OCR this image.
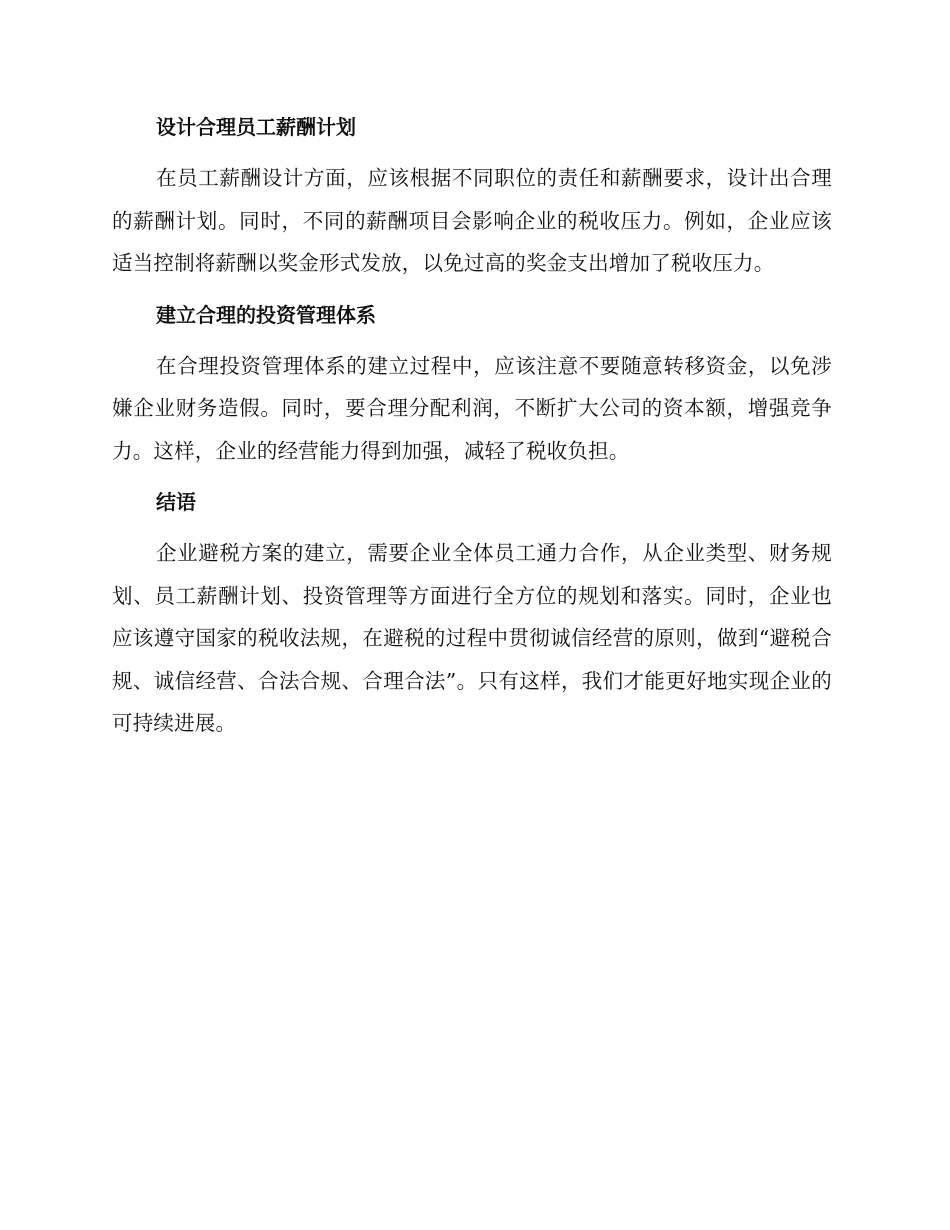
设计合理员工薪酬计划

在员工薪酬设计方面，应该根据不同职位的责任和薪酬要求，设计出合理的薪酬计划。同时，不同的薪酬项目会影响企业的税收压力。例如，企业应该适当控制将薪酬以奖金形式发放，以免过高的奖金支出增加了税收压力。

建立合理的投资管理体系

在合理投资管理体系的建立过程中，应该注意不要随意转移资金，以免涉嫌企业财务造假。同时，要合理分配利润，不断扩大公司的资本额，增强竞争力。这样，企业的经营能力得到加强，减轻了税收负担。

结语

企业避税方案的建立，需要企业全体员工通力合作，从企业类型、财务规划、员工薪酬计划、投资管理等方面进行全方位的规划和落实。同时，企业也应该遵守国家的税收法规，在避税的过程中贯彻诚信经营的原则，做到“避税合规、诚信经营、合法合规、合理合法”。只有这样，我们才能更好地实现企业的可持续进展。
